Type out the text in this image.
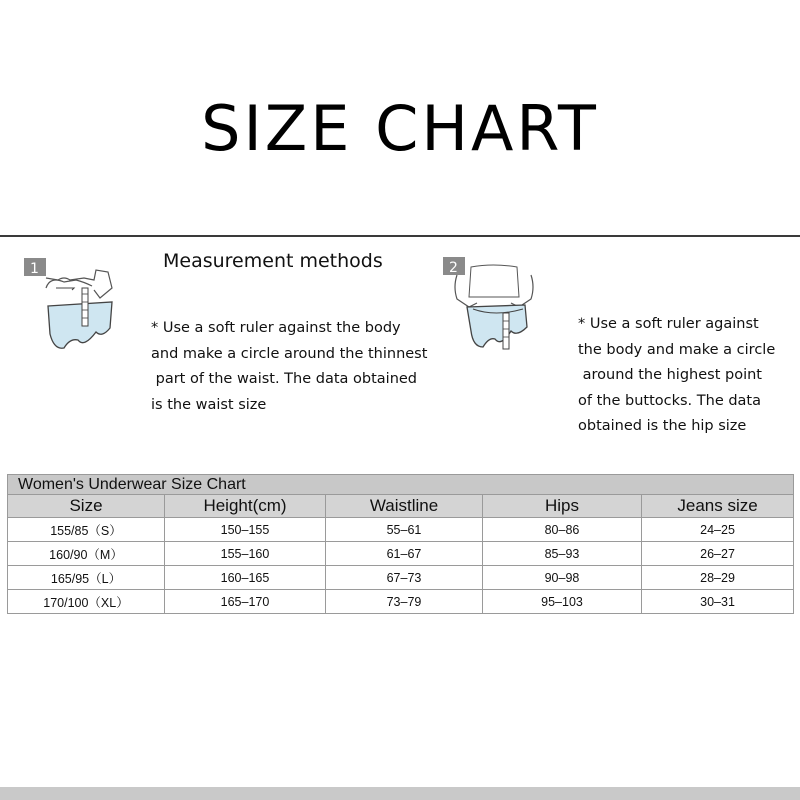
SIZE CHART
1	Measurement methods
* Use a soft ruler against the body
and make a circle around the thinnest
part of the waist. The data obtained
is the waist size
2
* Use a soft ruler against
the body and make a circle
around the highest point
of the buttocks. The data
obtained is the hip size
Women's Underwear Size Chart				
Size	Height(cm)	Waistline	Hips	Jeans size
155/85（S）	150–155	55–61	80–86	24–25
160/90（M）	155–160	61–67	85–93	26–27
165/95（L）	160–165	67–73	90–98	28–29
170/100（XL）	165–170	73–79	95–103	30–31
